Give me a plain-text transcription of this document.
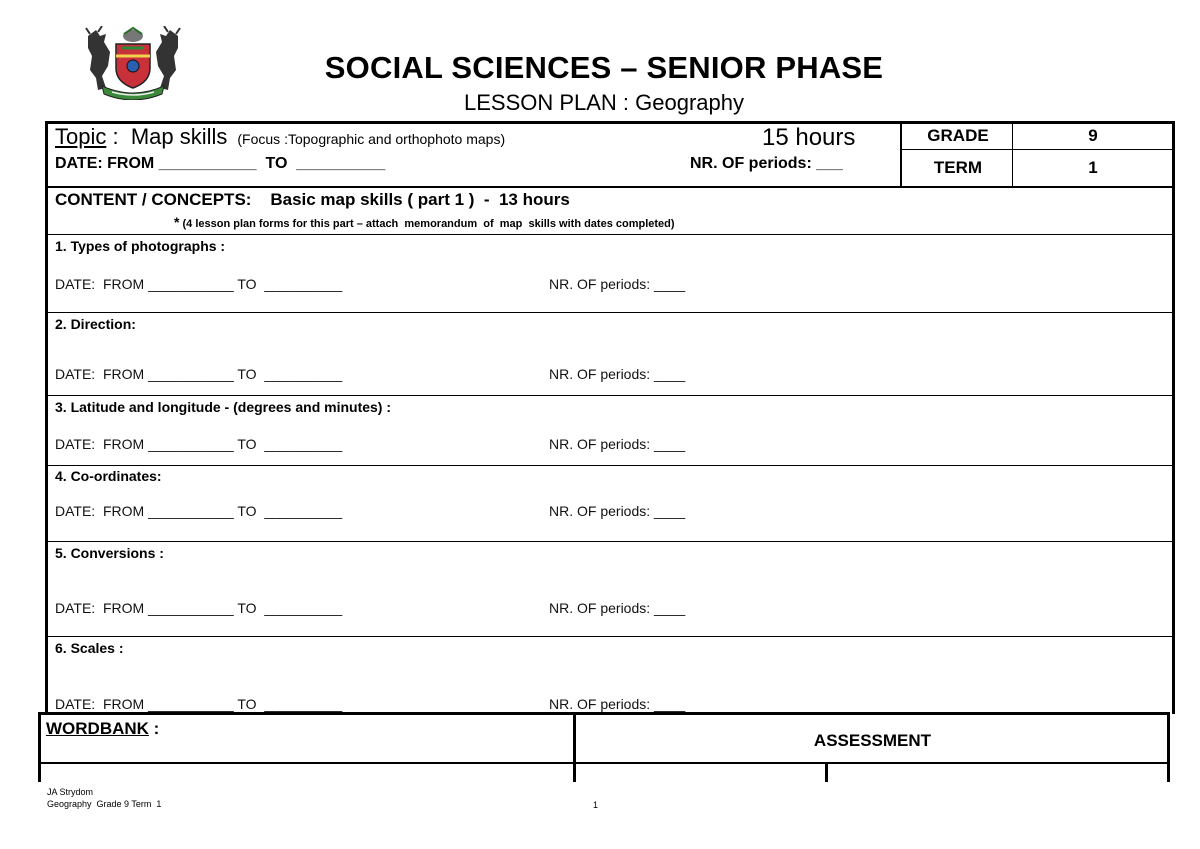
SOCIAL SCIENCES – SENIOR PHASE
LESSON PLAN : Geography
Topic :  Map skills (Focus :Topographic and orthophoto maps)	15 hours
DATE: FROM ___________  TO  __________	NR. OF periods: ___
GRADE	9
TERM	1
CONTENT / CONCEPTS:    Basic map skills ( part 1 )  -  13 hours
* (4 lesson plan forms for this part – attach  memorandum  of  map  skills with dates completed)
1. Types of photographs :
DATE:  FROM ___________ TO  __________	NR. OF periods: ____
2. Direction:
DATE:  FROM ___________ TO  __________	NR. OF periods: ____
3. Latitude and longitude - (degrees and minutes) :
DATE:  FROM ___________ TO  __________	NR. OF periods: ____
4. Co-ordinates:
DATE:  FROM ___________ TO  __________	NR. OF periods: ____
5. Conversions :
DATE:  FROM ___________ TO  __________	NR. OF periods: ____
6. Scales :
DATE:  FROM ___________ TO  __________	NR. OF periods: ____
WORDBANK :
ASSESSMENT
JA Strydom
Geography  Grade 9 Term  1	1
